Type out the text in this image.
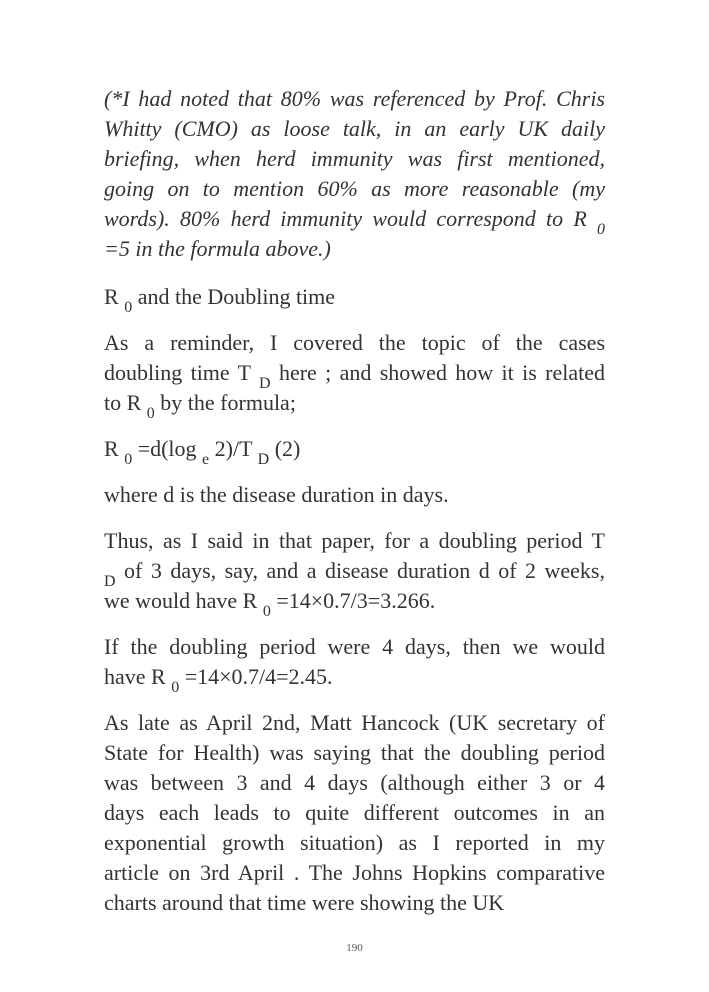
(*I had noted that 80% was referenced by Prof. Chris
Whitty (CMO) as loose talk, in an early UK daily
briefing, when herd immunity was first mentioned,
going on to mention 60% as more reasonable (my
words). 80% herd immunity would correspond to R $_0$
=5 in the formula above.)
R $_0$ and the Doubling time
As a reminder, I covered the topic of the cases
doubling time T $_D$ here ; and showed how it is related
to R $_0$ by the formula;
R $_0$ =d(log $_e$ 2)/T $_D$ (2)
where d is the disease duration in days.
Thus, as I said in that paper, for a doubling period T
$_D$ of 3 days, say, and a disease duration d of 2 weeks,
we would have R $_0$ =14×0.7/3=3.266.
If the doubling period were 4 days, then we would
have R $_0$ =14×0.7/4=2.45.
As late as April 2nd, Matt Hancock (UK secretary of
State for Health) was saying that the doubling period
was between 3 and 4 days (although either 3 or 4
days each leads to quite different outcomes in an
exponential growth situation) as I reported in my
article on 3rd April . The Johns Hopkins comparative
charts around that time were showing the UK
190
